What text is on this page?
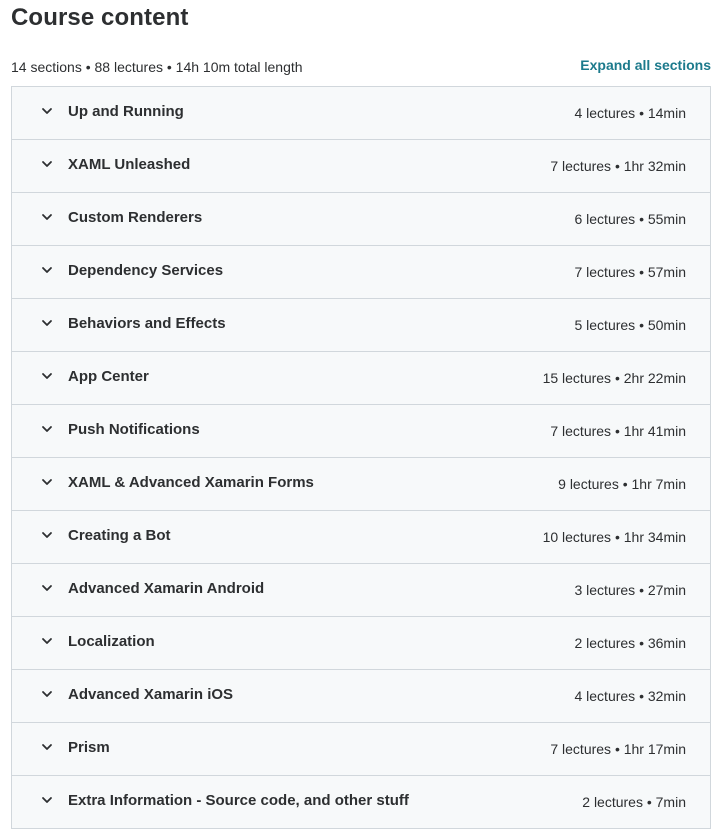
Course content
14 sections • 88 lectures • 14h 10m total length	Expand all sections
Up and Running	4 lectures • 14min
XAML Unleashed	7 lectures • 1hr 32min
Custom Renderers	6 lectures • 55min
Dependency Services	7 lectures • 57min
Behaviors and Effects	5 lectures • 50min
App Center	15 lectures • 2hr 22min
Push Notifications	7 lectures • 1hr 41min
XAML & Advanced Xamarin Forms	9 lectures • 1hr 7min
Creating a Bot	10 lectures • 1hr 34min
Advanced Xamarin Android	3 lectures • 27min
Localization	2 lectures • 36min
Advanced Xamarin iOS	4 lectures • 32min
Prism	7 lectures • 1hr 17min
Extra Information - Source code, and other stuff	2 lectures • 7min
